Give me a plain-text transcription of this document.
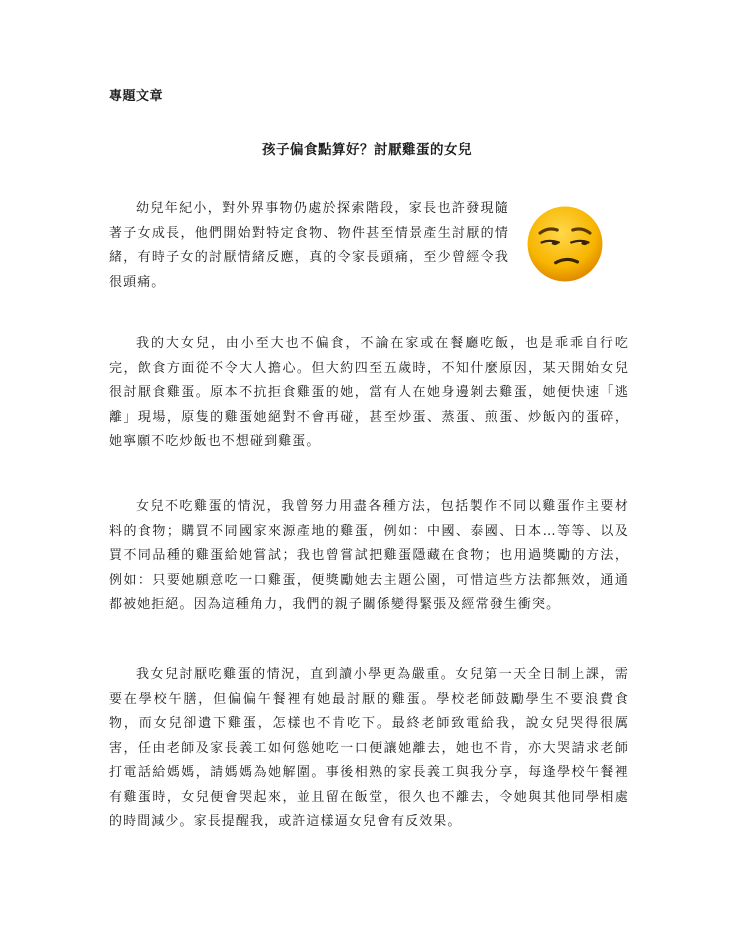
專題文章
孩子偏食點算好？討厭雞蛋的女兒

幼兒年紀小，對外界事物仍處於探索階段，家長也許發現隨著子女成長，他們開始對特定食物、物件甚至情景產生討厭的情緒，有時子女的討厭情緒反應，真的令家長頭痛，至少曾經令我很頭痛。

我的大女兒，由小至大也不偏食，不論在家或在餐廳吃飯，也是乖乖自行吃完，飲食方面從不令大人擔心。但大約四至五歲時，不知什麼原因，某天開始女兒很討厭食雞蛋。原本不抗拒食雞蛋的她，當有人在她身邊剝去雞蛋，她便快速「逃離」現場，原隻的雞蛋她絕對不會再碰，甚至炒蛋、蒸蛋、煎蛋、炒飯內的蛋碎，她寧願不吃炒飯也不想碰到雞蛋。

女兒不吃雞蛋的情況，我曾努力用盡各種方法，包括製作不同以雞蛋作主要材料的食物；購買不同國家來源產地的雞蛋，例如：中國、泰國、日本…等等、以及買不同品種的雞蛋給她嘗試；我也曾嘗試把雞蛋隱藏在食物；也用過獎勵的方法，例如：只要她願意吃一口雞蛋，便獎勵她去主題公園，可惜這些方法都無效，通通都被她拒絕。因為這種角力，我們的親子關係變得緊張及經常發生衝突。

我女兒討厭吃雞蛋的情況，直到讀小學更為嚴重。女兒第一天全日制上課，需要在學校午膳，但偏偏午餐裡有她最討厭的雞蛋。學校老師鼓勵學生不要浪費食物，而女兒卻遺下雞蛋，怎樣也不肯吃下。最終老師致電給我，說女兒哭得很厲害，任由老師及家長義工如何慫她吃一口便讓她離去，她也不肯，亦大哭請求老師打電話給媽媽，請媽媽為她解圍。事後相熟的家長義工與我分享，每逢學校午餐裡有雞蛋時，女兒便會哭起來，並且留在飯堂，很久也不離去，令她與其他同學相處的時間減少。家長提醒我，或許這樣逼女兒會有反效果。
